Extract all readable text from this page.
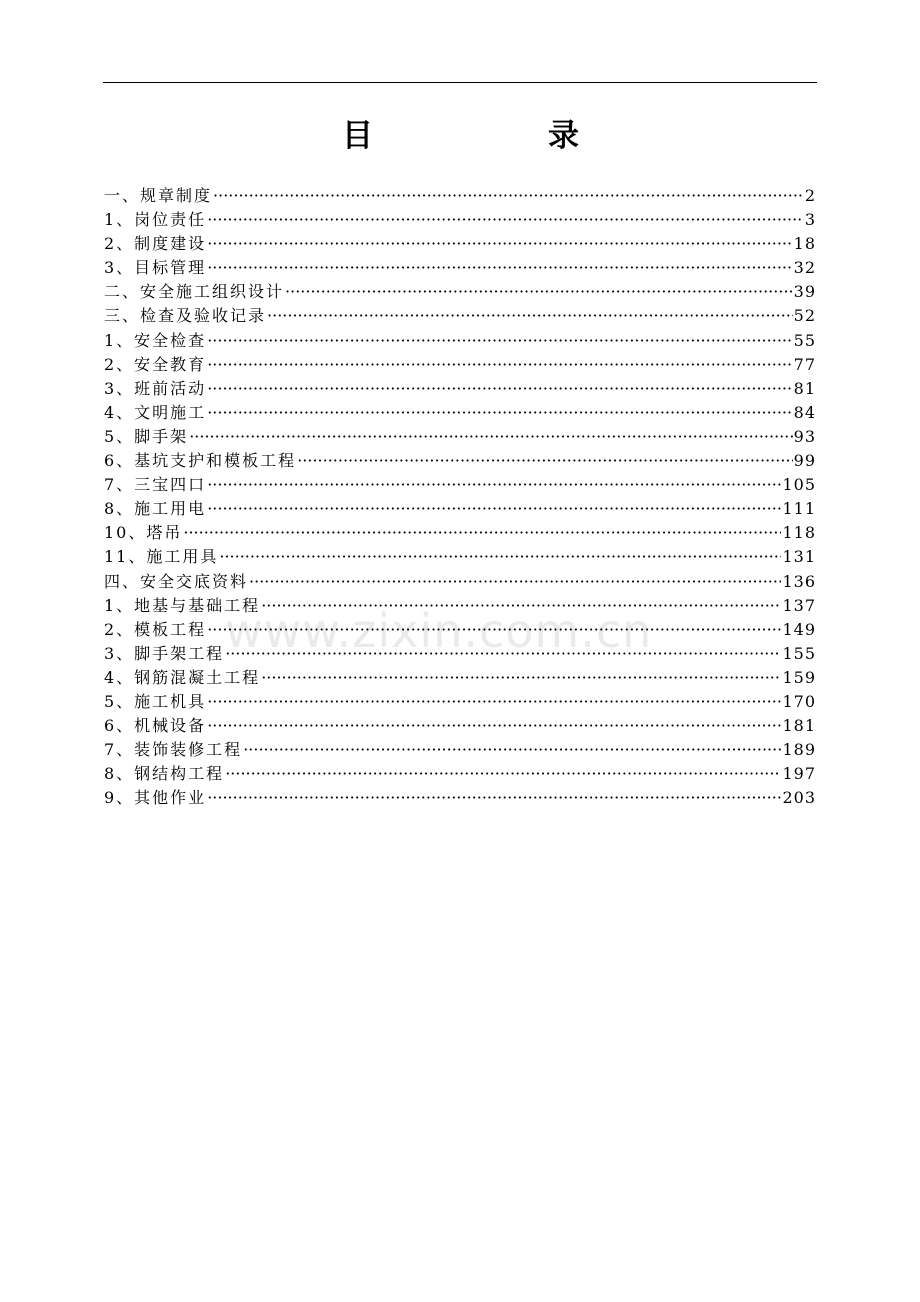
目	录
www.zixin.com.cn
一、规章制度 ·····	2
1、岗位责任 ·····	3
2、制度建设 ·····	18
3、目标管理 ·····	32
二、安全施工组织设计 ·····	39
三、检查及验收记录 ·····	52
1、安全检查 ·····	55
2、安全教育 ·····	77
3、班前活动 ·····	81
4、文明施工 ·····	84
5、脚手架 ·····	93
6、基坑支护和模板工程 ·····	99
7、三宝四口 ·····	105
8、施工用电 ·····	111
10、塔吊 ·····	118
11、施工用具 ·····	131
四、安全交底资料 ·····	136
1、地基与基础工程 ·····	137
2、模板工程 ·····	149
3、脚手架工程 ·····	155
4、钢筋混凝土工程 ·····	159
5、施工机具 ·····	170
6、机械设备 ·····	181
7、装饰装修工程 ·····	189
8、钢结构工程 ·····	197
9、其他作业 ·····	203
